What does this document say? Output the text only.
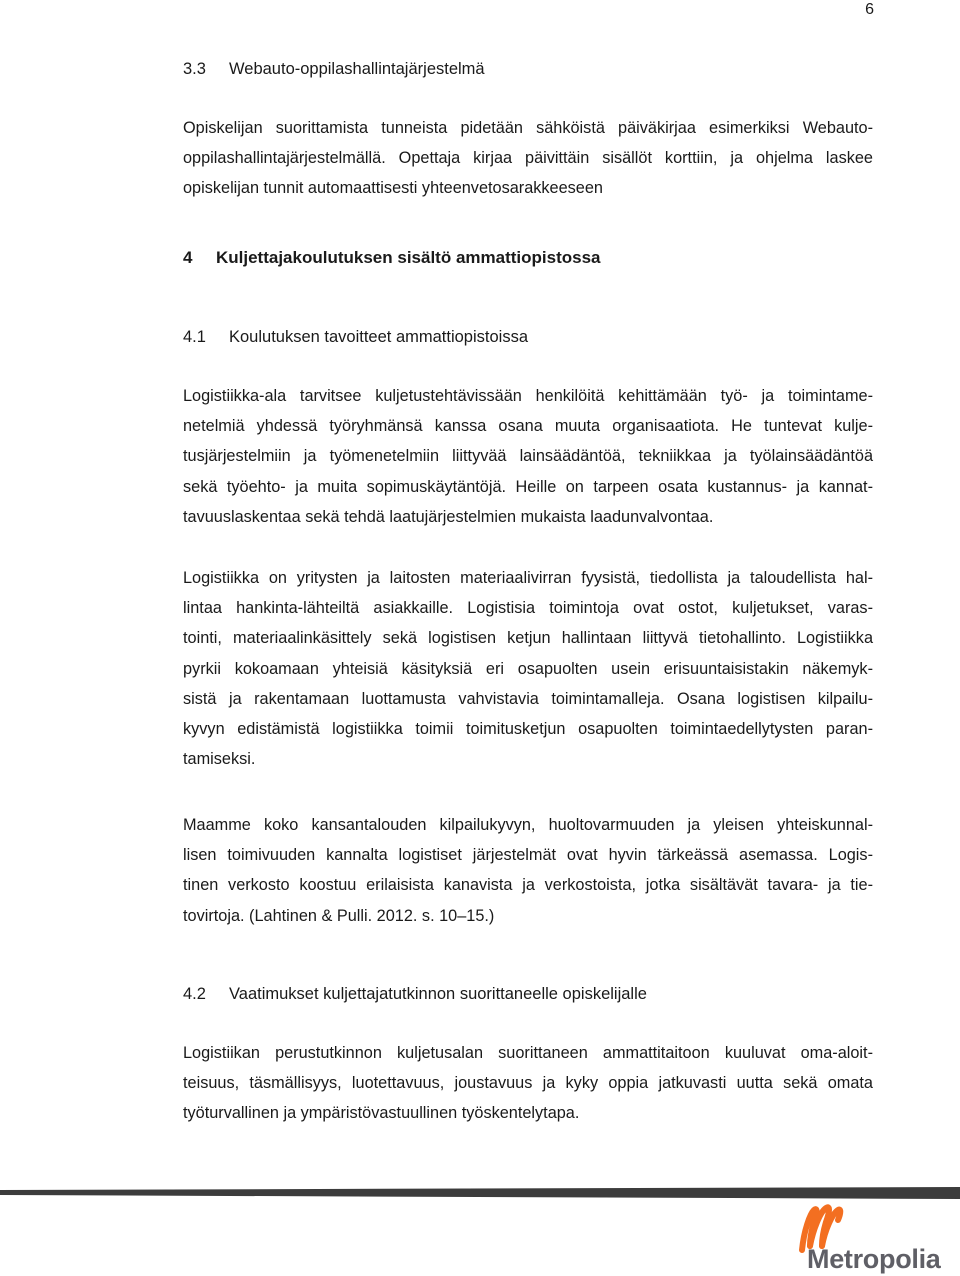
6
3.3 Webauto-oppilashallintajärjestelmä
Opiskelijan suorittamista tunneista pidetään sähköistä päiväkirjaa esimerkiksi Webauto-
oppilashallintajärjestelmällä. Opettaja kirjaa päivittäin sisällöt korttiin, ja ohjelma laskee
opiskelijan tunnit automaattisesti yhteenvetosarakkeeseen
4 Kuljettajakoulutuksen sisältö ammattiopistossa
4.1 Koulutuksen tavoitteet ammattiopistoissa
Logistiikka-ala tarvitsee kuljetustehtävissään henkilöitä kehittämään työ- ja toimintame-
netelmiä yhdessä työryhmänsä kanssa osana muuta organisaatiota. He tuntevat kulje-
tusjärjestelmiin ja työmenetelmiin liittyvää lainsäädäntöä, tekniikkaa ja työlainsäädäntöä
sekä työehto- ja muita sopimuskäytäntöjä. Heille on tarpeen osata kustannus- ja kannat-
tavuuslaskentaa sekä tehdä laatujärjestelmien mukaista laadunvalvontaa.
Logistiikka on yritysten ja laitosten materiaalivirran fyysistä, tiedollista ja taloudellista hal-
lintaa hankinta-lähteiltä asiakkaille. Logistisia toimintoja ovat ostot, kuljetukset, varas-
tointi, materiaalinkäsittely sekä logistisen ketjun hallintaan liittyvä tietohallinto. Logistiikka
pyrkii kokoamaan yhteisiä käsityksiä eri osapuolten usein erisuuntaisistakin näkemyk-
sistä ja rakentamaan luottamusta vahvistavia toimintamalleja. Osana logistisen kilpailu-
kyvyn edistämistä logistiikka toimii toimitusketjun osapuolten toimintaedellytysten paran-
tamiseksi.
Maamme koko kansantalouden kilpailukyvyn, huoltovarmuuden ja yleisen yhteiskunnal-
lisen toimivuuden kannalta logistiset järjestelmät ovat hyvin tärkeässä asemassa. Logis-
tinen verkosto koostuu erilaisista kanavista ja verkostoista, jotka sisältävät tavara- ja tie-
tovirtoja. (Lahtinen & Pulli. 2012. s. 10–15.)
4.2 Vaatimukset kuljettajatutkinnon suorittaneelle opiskelijalle
Logistiikan perustutkinnon kuljetusalan suorittaneen ammattitaitoon kuuluvat oma-aloit-
teisuus, täsmällisyys, luotettavuus, joustavuus ja kyky oppia jatkuvasti uutta sekä omata
työturvallinen ja ympäristövastuullinen työskentelytapa.
Metropolia
